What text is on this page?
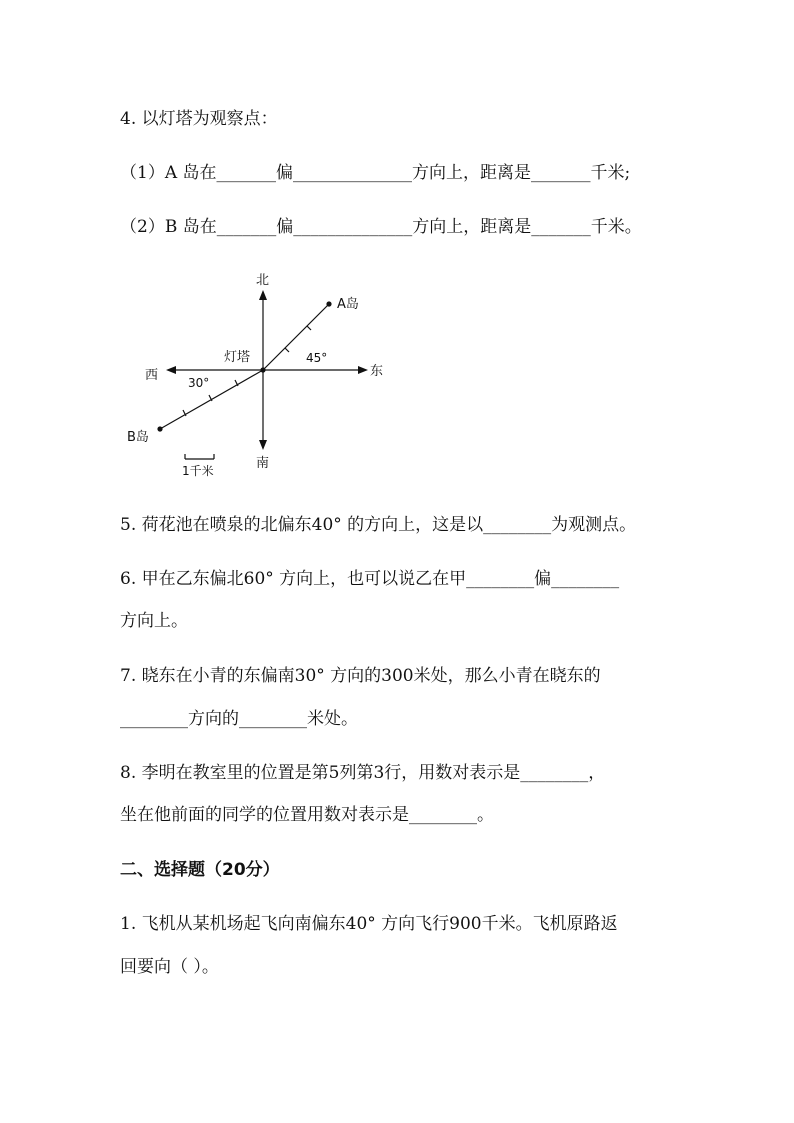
4. 以灯塔为观察点：
（1）A 岛在_______偏______________方向上，距离是_______千米;
（2）B 岛在_______偏______________方向上，距离是_______千米。
北
南
东
西
灯塔
A岛
B岛
45°
30°
1千米
5. 荷花池在喷泉的北偏东40° 的方向上，这是以________为观测点。
6. 甲在乙东偏北60° 方向上，也可以说乙在甲________偏________
方向上。
7. 晓东在小青的东偏南30° 方向的300米处，那么小青在晓东的
________方向的________米处。
8. 李明在教室里的位置是第5列第3行，用数对表示是________，
坐在他前面的同学的位置用数对表示是________。
二、选择题（20分）
1. 飞机从某机场起飞向南偏东40° 方向飞行900千米。飞机原路返
回要向（ ）。
